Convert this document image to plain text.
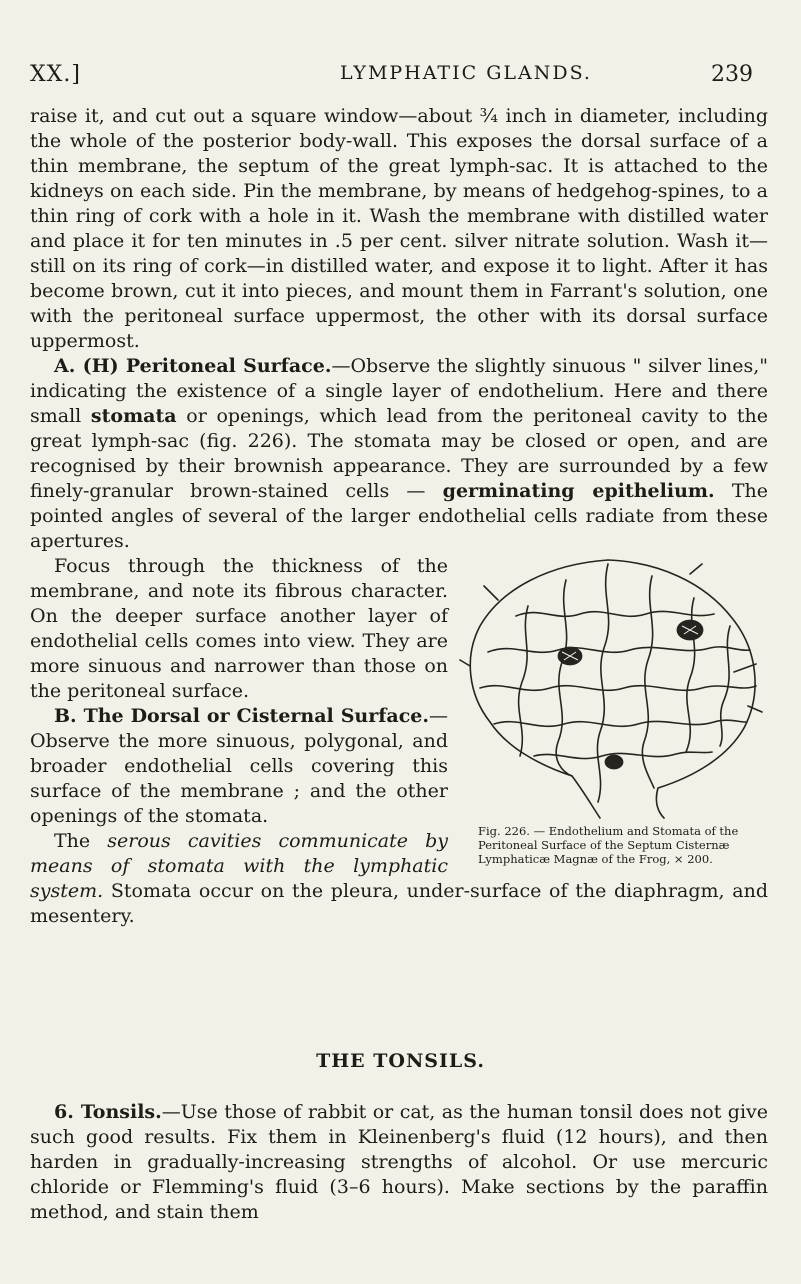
XX.]	LYMPHATIC GLANDS.	239

raise it, and cut out a square window—about ¾ inch in diameter, including the whole of the posterior body-wall. This exposes the dorsal surface of a thin membrane, the septum of the great lymph-sac. It is attached to the kidneys on each side. Pin the membrane, by means of hedgehog-spines, to a thin ring of cork with a hole in it. Wash the membrane with distilled water and place it for ten minutes in .5 per cent. silver nitrate solution. Wash it—still on its ring of cork—in distilled water, and expose it to light. After it has become brown, cut it into pieces, and mount them in Farrant's solution, one with the peritoneal surface uppermost, the other with its dorsal surface uppermost.

A. (H) Peritoneal Surface.—Observe the slightly sinuous " silver lines," indicating the existence of a single layer of endothelium. Here and there small stomata or openings, which lead from the peritoneal cavity to the great lymph-sac (fig. 226). The stomata may be closed or open, and are recognised by their brownish appearance. They are surrounded by a few finely-granular brown-stained cells — germinating epithelium. The pointed angles of several of the larger endothelial cells radiate from these apertures.

Fig. 226. — Endothelium and Stomata of the Peritoneal Surface of the Septum Cisternæ Lymphaticæ Magnæ of the Frog, × 200.

Focus through the thickness of the membrane, and note its fibrous character. On the deeper surface another layer of endothelial cells comes into view. They are more sinuous and narrower than those on the peritoneal surface.

B. The Dorsal or Cisternal Surface.—Observe the more sinuous, polygonal, and broader endothelial cells covering this surface of the membrane ; and the other openings of the stomata.

The serous cavities communicate by means of stomata with the lymphatic system. Stomata occur on the pleura, under-surface of the diaphragm, and mesentery.

THE TONSILS.

6. Tonsils.—Use those of rabbit or cat, as the human tonsil does not give such good results. Fix them in Kleinenberg's fluid (12 hours), and then harden in gradually-increasing strengths of alcohol. Or use mercuric chloride or Flemming's fluid (3–6 hours). Make sections by the paraffin method, and stain them
